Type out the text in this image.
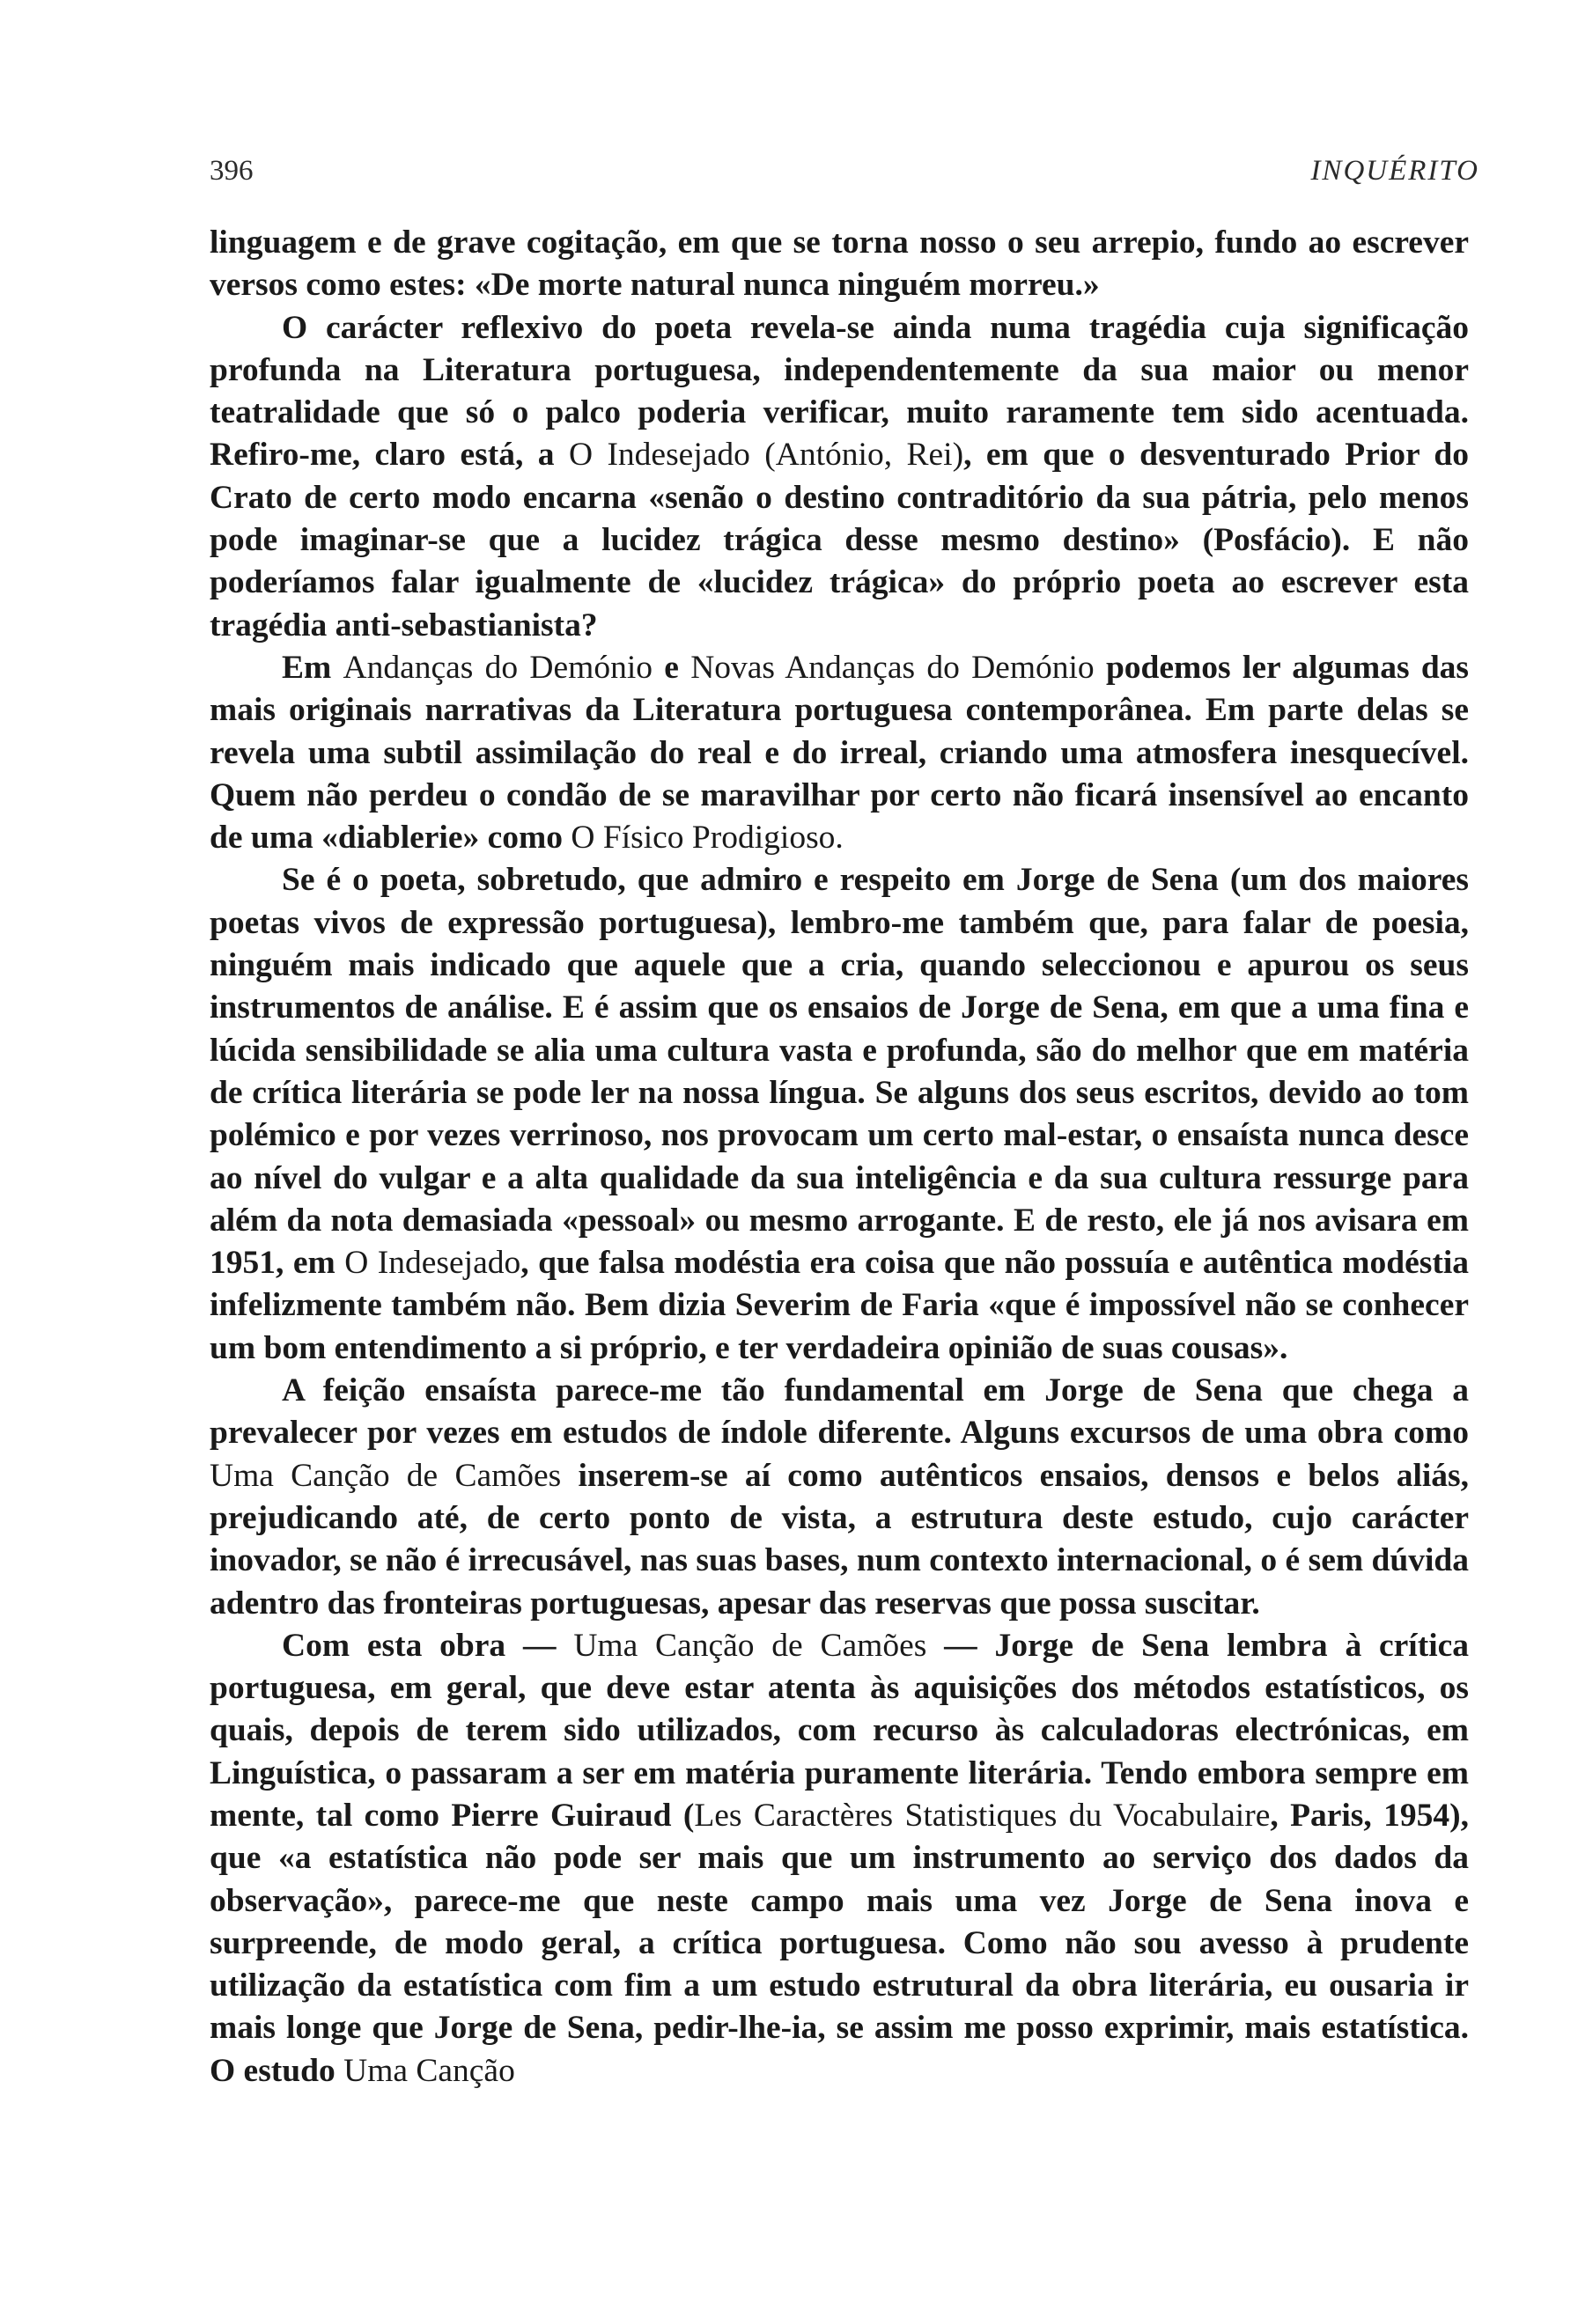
396	INQUÉRITO

linguagem e de grave cogitação, em que se torna nosso o seu arrepio, fundo ao escrever versos como estes: «De morte natural nunca ninguém morreu.»

O carácter reflexivo do poeta revela-se ainda numa tragédia cuja significação profunda na Literatura portuguesa, independentemente da sua maior ou menor teatralidade que só o palco poderia verificar, muito raramente tem sido acentuada. Refiro-me, claro está, a O Indesejado (António, Rei), em que o desventurado Prior do Crato de certo modo encarna «senão o destino contraditório da sua pátria, pelo menos pode imaginar-se que a lucidez trágica desse mesmo destino» (Posfácio). E não poderíamos falar igualmente de «lucidez trágica» do próprio poeta ao escrever esta tragédia anti-sebastianista?

Em Andanças do Demónio e Novas Andanças do Demónio podemos ler algumas das mais originais narrativas da Literatura portuguesa contemporânea. Em parte delas se revela uma subtil assimilação do real e do irreal, criando uma atmosfera inesquecível. Quem não perdeu o condão de se maravilhar por certo não ficará insensível ao encanto de uma «diablerie» como O Físico Prodigioso.

Se é o poeta, sobretudo, que admiro e respeito em Jorge de Sena (um dos maiores poetas vivos de expressão portuguesa), lembro-me também que, para falar de poesia, ninguém mais indicado que aquele que a cria, quando seleccionou e apurou os seus instrumentos de análise. E é assim que os ensaios de Jorge de Sena, em que a uma fina e lúcida sensibilidade se alia uma cultura vasta e profunda, são do melhor que em matéria de crítica literária se pode ler na nossa língua. Se alguns dos seus escritos, devido ao tom polémico e por vezes verrinoso, nos provocam um certo mal-estar, o ensaísta nunca desce ao nível do vulgar e a alta qualidade da sua inteligência e da sua cultura ressurge para além da nota demasiada «pessoal» ou mesmo arrogante. E de resto, ele já nos avisara em 1951, em O Indesejado, que falsa modéstia era coisa que não possuía e autêntica modéstia infelizmente também não. Bem dizia Severim de Faria «que é impossível não se conhecer um bom entendimento a si próprio, e ter verdadeira opinião de suas cousas».

A feição ensaísta parece-me tão fundamental em Jorge de Sena que chega a prevalecer por vezes em estudos de índole diferente. Alguns excursos de uma obra como Uma Canção de Camões inserem-se aí como autênticos ensaios, densos e belos aliás, prejudicando até, de certo ponto de vista, a estrutura deste estudo, cujo carácter inovador, se não é irrecusável, nas suas bases, num contexto internacional, o é sem dúvida adentro das fronteiras portuguesas, apesar das reservas que possa suscitar.

Com esta obra — Uma Canção de Camões — Jorge de Sena lembra à crítica portuguesa, em geral, que deve estar atenta às aquisições dos métodos estatísticos, os quais, depois de terem sido utilizados, com recurso às calculadoras electrónicas, em Linguística, o passaram a ser em matéria puramente literária. Tendo embora sempre em mente, tal como Pierre Guiraud (Les Caractères Statistiques du Vocabulaire, Paris, 1954), que «a estatística não pode ser mais que um instrumento ao serviço dos dados da observação», parece-me que neste campo mais uma vez Jorge de Sena inova e surpreende, de modo geral, a crítica portuguesa. Como não sou avesso à prudente utilização da estatística com fim a um estudo estrutural da obra literária, eu ousaria ir mais longe que Jorge de Sena, pedir-lhe-ia, se assim me posso exprimir, mais estatística. O estudo Uma Canção
